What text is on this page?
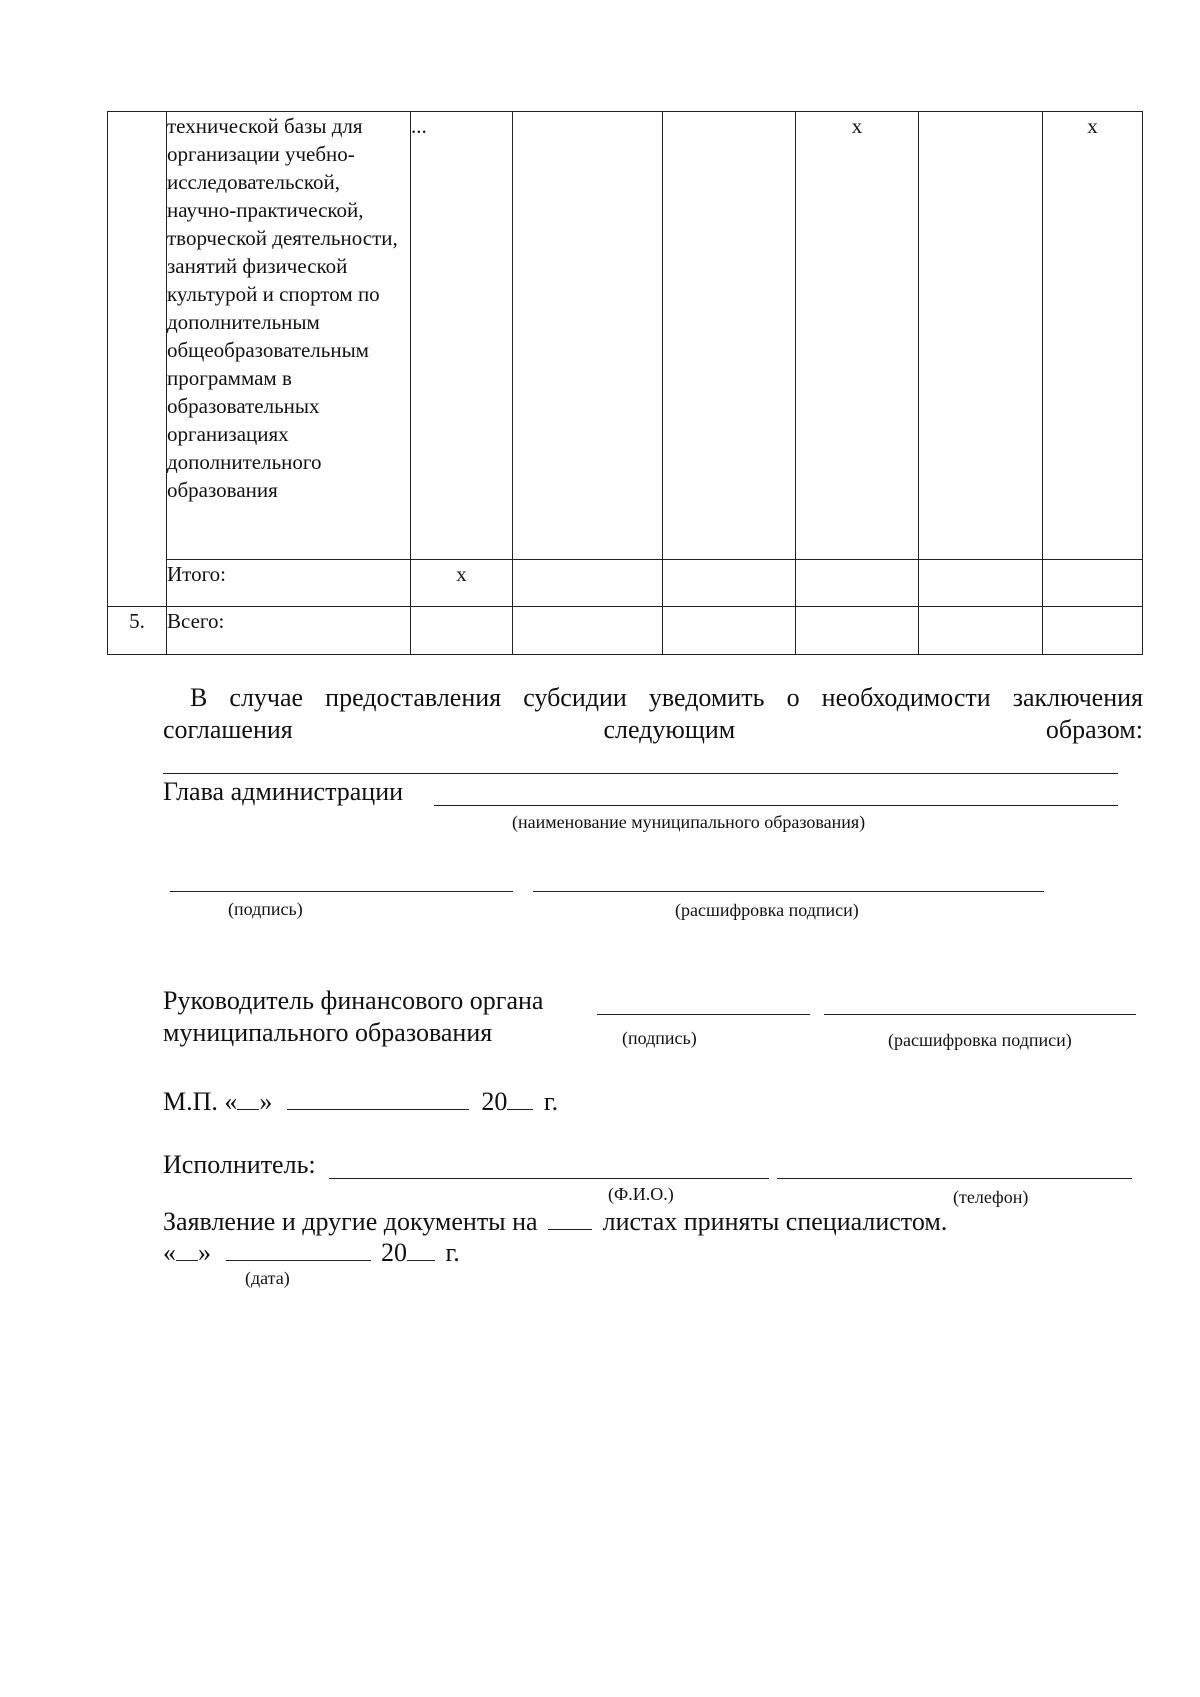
	технической базы для организации учебно-исследовательской, научно-практической, творческой деятельности, занятий физической культурой и спортом по дополнительным общеобразовательным программам в образовательных организациях дополнительного образования	...			x		x
	Итого:	x					
5.	Всего:						
В случае предоставления субсидии уведомить о необходимости заключения соглашения следующим образом:
Глава администрации
(наименование муниципального образования)
(подпись)	(расшифровка подписи)
Руководитель финансового органа
муниципального образования	(подпись)	(расшифровка подписи)
М.П. « »	20 г.
Исполнитель:
(Ф.И.О.)	(телефон)
Заявление и другие документы на	листах приняты специалистом.
« »	20 г.
(дата)
